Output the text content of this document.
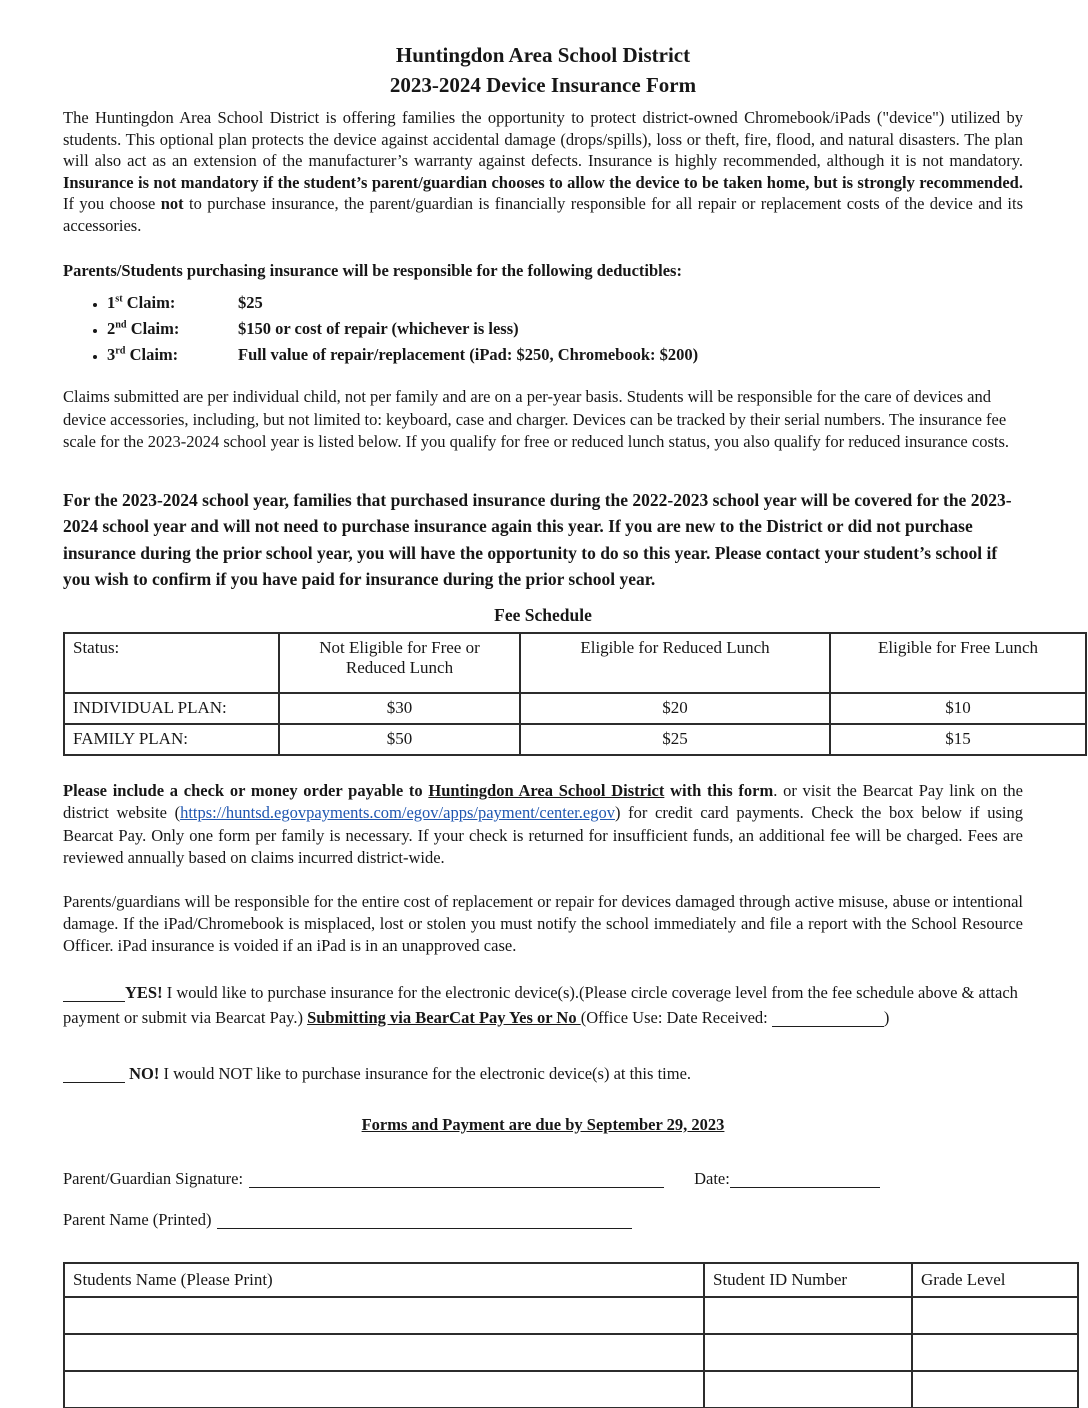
Huntingdon Area School District
2023-2024 Device Insurance Form

The Huntingdon Area School District is offering families the opportunity to protect district-owned Chromebook/iPads ("device") utilized by students. This optional plan protects the device against accidental damage (drops/spills), loss or theft, fire, flood, and natural disasters. The plan will also act as an extension of the manufacturer’s warranty against defects. Insurance is highly recommended, although it is not mandatory. Insurance is not mandatory if the student’s parent/guardian chooses to allow the device to be taken home, but is strongly recommended. If you choose not to purchase insurance, the parent/guardian is financially responsible for all repair or replacement costs of the device and its accessories.

Parents/Students purchasing insurance will be responsible for the following deductibles:

• 1st Claim:	$25
• 2nd Claim:	$150 or cost of repair (whichever is less)
• 3rd Claim:	Full value of repair/replacement (iPad: $250, Chromebook: $200)

Claims submitted are per individual child, not per family and are on a per-year basis. Students will be responsible for the care of devices and device accessories, including, but not limited to: keyboard, case and charger. Devices can be tracked by their serial numbers. The insurance fee scale for the 2023-2024 school year is listed below. If you qualify for free or reduced lunch status, you also qualify for reduced insurance costs.

For the 2023-2024 school year, families that purchased insurance during the 2022-2023 school year will be covered for the 2023-2024 school year and will not need to purchase insurance again this year. If you are new to the District or did not purchase insurance during the prior school year, you will have the opportunity to do so this year. Please contact your student’s school if you wish to confirm if you have paid for insurance during the prior school year.

Fee Schedule

Status:	Not Eligible for Free or Reduced Lunch	Eligible for Reduced Lunch	Eligible for Free Lunch
INDIVIDUAL PLAN:	$30	$20	$10
FAMILY PLAN:	$50	$25	$15

Please include a check or money order payable to Huntingdon Area School District with this form. or visit the Bearcat Pay link on the district website (https://huntsd.egovpayments.com/egov/apps/payment/center.egov) for credit card payments. Check the box below if using Bearcat Pay. Only one form per family is necessary. If your check is returned for insufficient funds, an additional fee will be charged. Fees are reviewed annually based on claims incurred district-wide.

Parents/guardians will be responsible for the entire cost of replacement or repair for devices damaged through active misuse, abuse or intentional damage. If the iPad/Chromebook is misplaced, lost or stolen you must notify the school immediately and file a report with the School Resource Officer. iPad insurance is voided if an iPad is in an unapproved case.

YES! I would like to purchase insurance for the electronic device(s).(Please circle coverage level from the fee schedule above & attach payment or submit via Bearcat Pay.) Submitting via BearCat Pay Yes or No (Office Use: Date Received:	)

NO! I would NOT like to purchase insurance for the electronic device(s) at this time.

Forms and Payment are due by September 29, 2023

Parent/Guardian Signature:	Date:
Parent Name (Printed)
Students Name (Please Print)	Student ID Number	Grade Level
